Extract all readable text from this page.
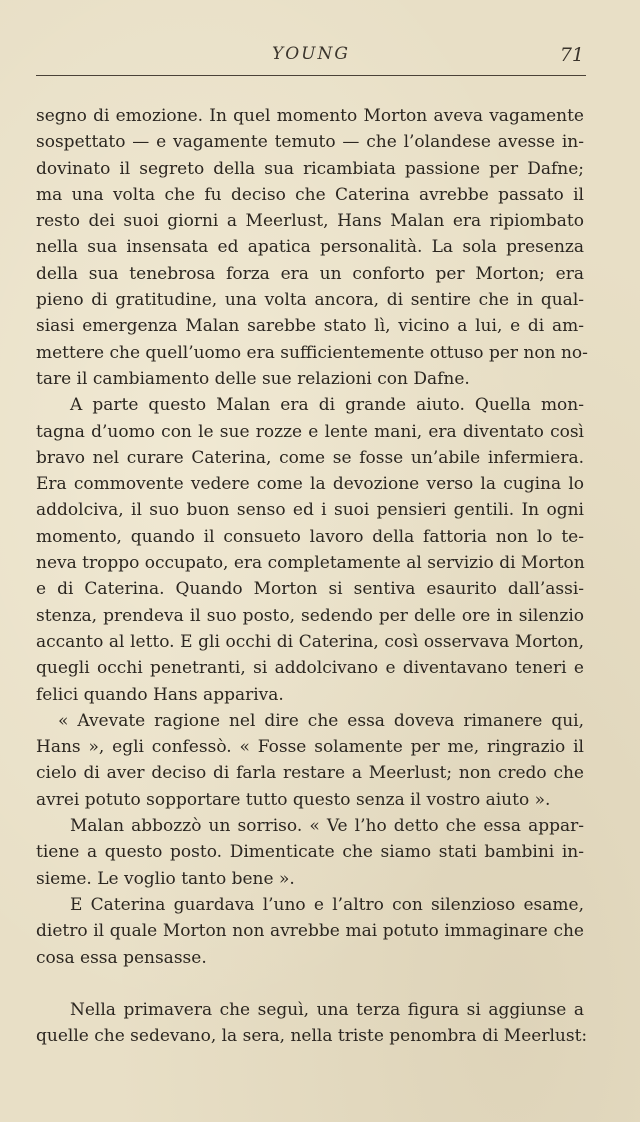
YOUNG	71
segno di emozione. In quel momento Morton aveva vagamente
sospettato — e vagamente temuto — che l’olandese avesse in-
dovinato il segreto della sua ricambiata passione per Dafne;
ma una volta che fu deciso che Caterina avrebbe passato il
resto dei suoi giorni a Meerlust, Hans Malan era ripiombato
nella sua insensata ed apatica personalità. La sola presenza
della sua tenebrosa forza era un conforto per Morton; era
pieno di gratitudine, una volta ancora, di sentire che in qual-
siasi emergenza Malan sarebbe stato lì, vicino a lui, e di am-
mettere che quell’uomo era sufficientemente ottuso per non no-
tare il cambiamento delle sue relazioni con Dafne.
A parte questo Malan era di grande aiuto. Quella mon-
tagna d’uomo con le sue rozze e lente mani, era diventato così
bravo nel curare Caterina, come se fosse un’abile infermiera.
Era commovente vedere come la devozione verso la cugina lo
addolciva, il suo buon senso ed i suoi pensieri gentili. In ogni
momento, quando il consueto lavoro della fattoria non lo te-
neva troppo occupato, era completamente al servizio di Morton
e di Caterina. Quando Morton si sentiva esaurito dall’assi-
stenza, prendeva il suo posto, sedendo per delle ore in silenzio
accanto al letto. E gli occhi di Caterina, così osservava Morton,
quegli occhi penetranti, si addolcivano e diventavano teneri e
felici quando Hans appariva.
« Avevate ragione nel dire che essa doveva rimanere qui,
Hans », egli confessò. « Fosse solamente per me, ringrazio il
cielo di aver deciso di farla restare a Meerlust; non credo che
avrei potuto sopportare tutto questo senza il vostro aiuto ».
Malan abbozzò un sorriso. « Ve l’ho detto che essa appar-
tiene a questo posto. Dimenticate che siamo stati bambini in-
sieme. Le voglio tanto bene ».
E Caterina guardava l’uno e l’altro con silenzioso esame,
dietro il quale Morton non avrebbe mai potuto immaginare che
cosa essa pensasse.
Nella primavera che seguì, una terza figura si aggiunse a
quelle che sedevano, la sera, nella triste penombra di Meerlust:
